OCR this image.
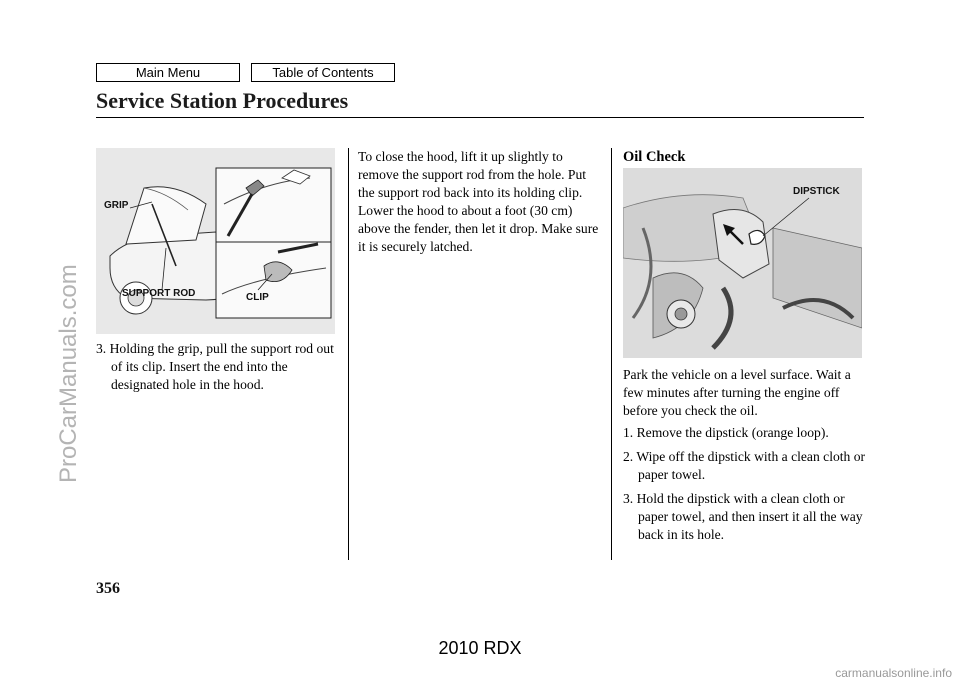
Main Menu	Table of Contents
Service Station Procedures
GRIP
SUPPORT ROD	CLIP

3. Holding the grip, pull the support rod out of its clip. Insert the end into the designated hole in the hood.

To close the hood, lift it up slightly to remove the support rod from the hole. Put the support rod back into its holding clip. Lower the hood to about a foot (30 cm) above the fender, then let it drop. Make sure it is securely latched.

Oil Check
DIPSTICK

Park the vehicle on a level surface. Wait a few minutes after turning the engine off before you check the oil.

1. Remove the dipstick (orange loop).

2. Wipe off the dipstick with a clean cloth or paper towel.

3. Hold the dipstick with a clean cloth or paper towel, and then insert it all the way back in its hole.

356
2010 RDX
ProCarManuals.com
carmanualsonline.info
